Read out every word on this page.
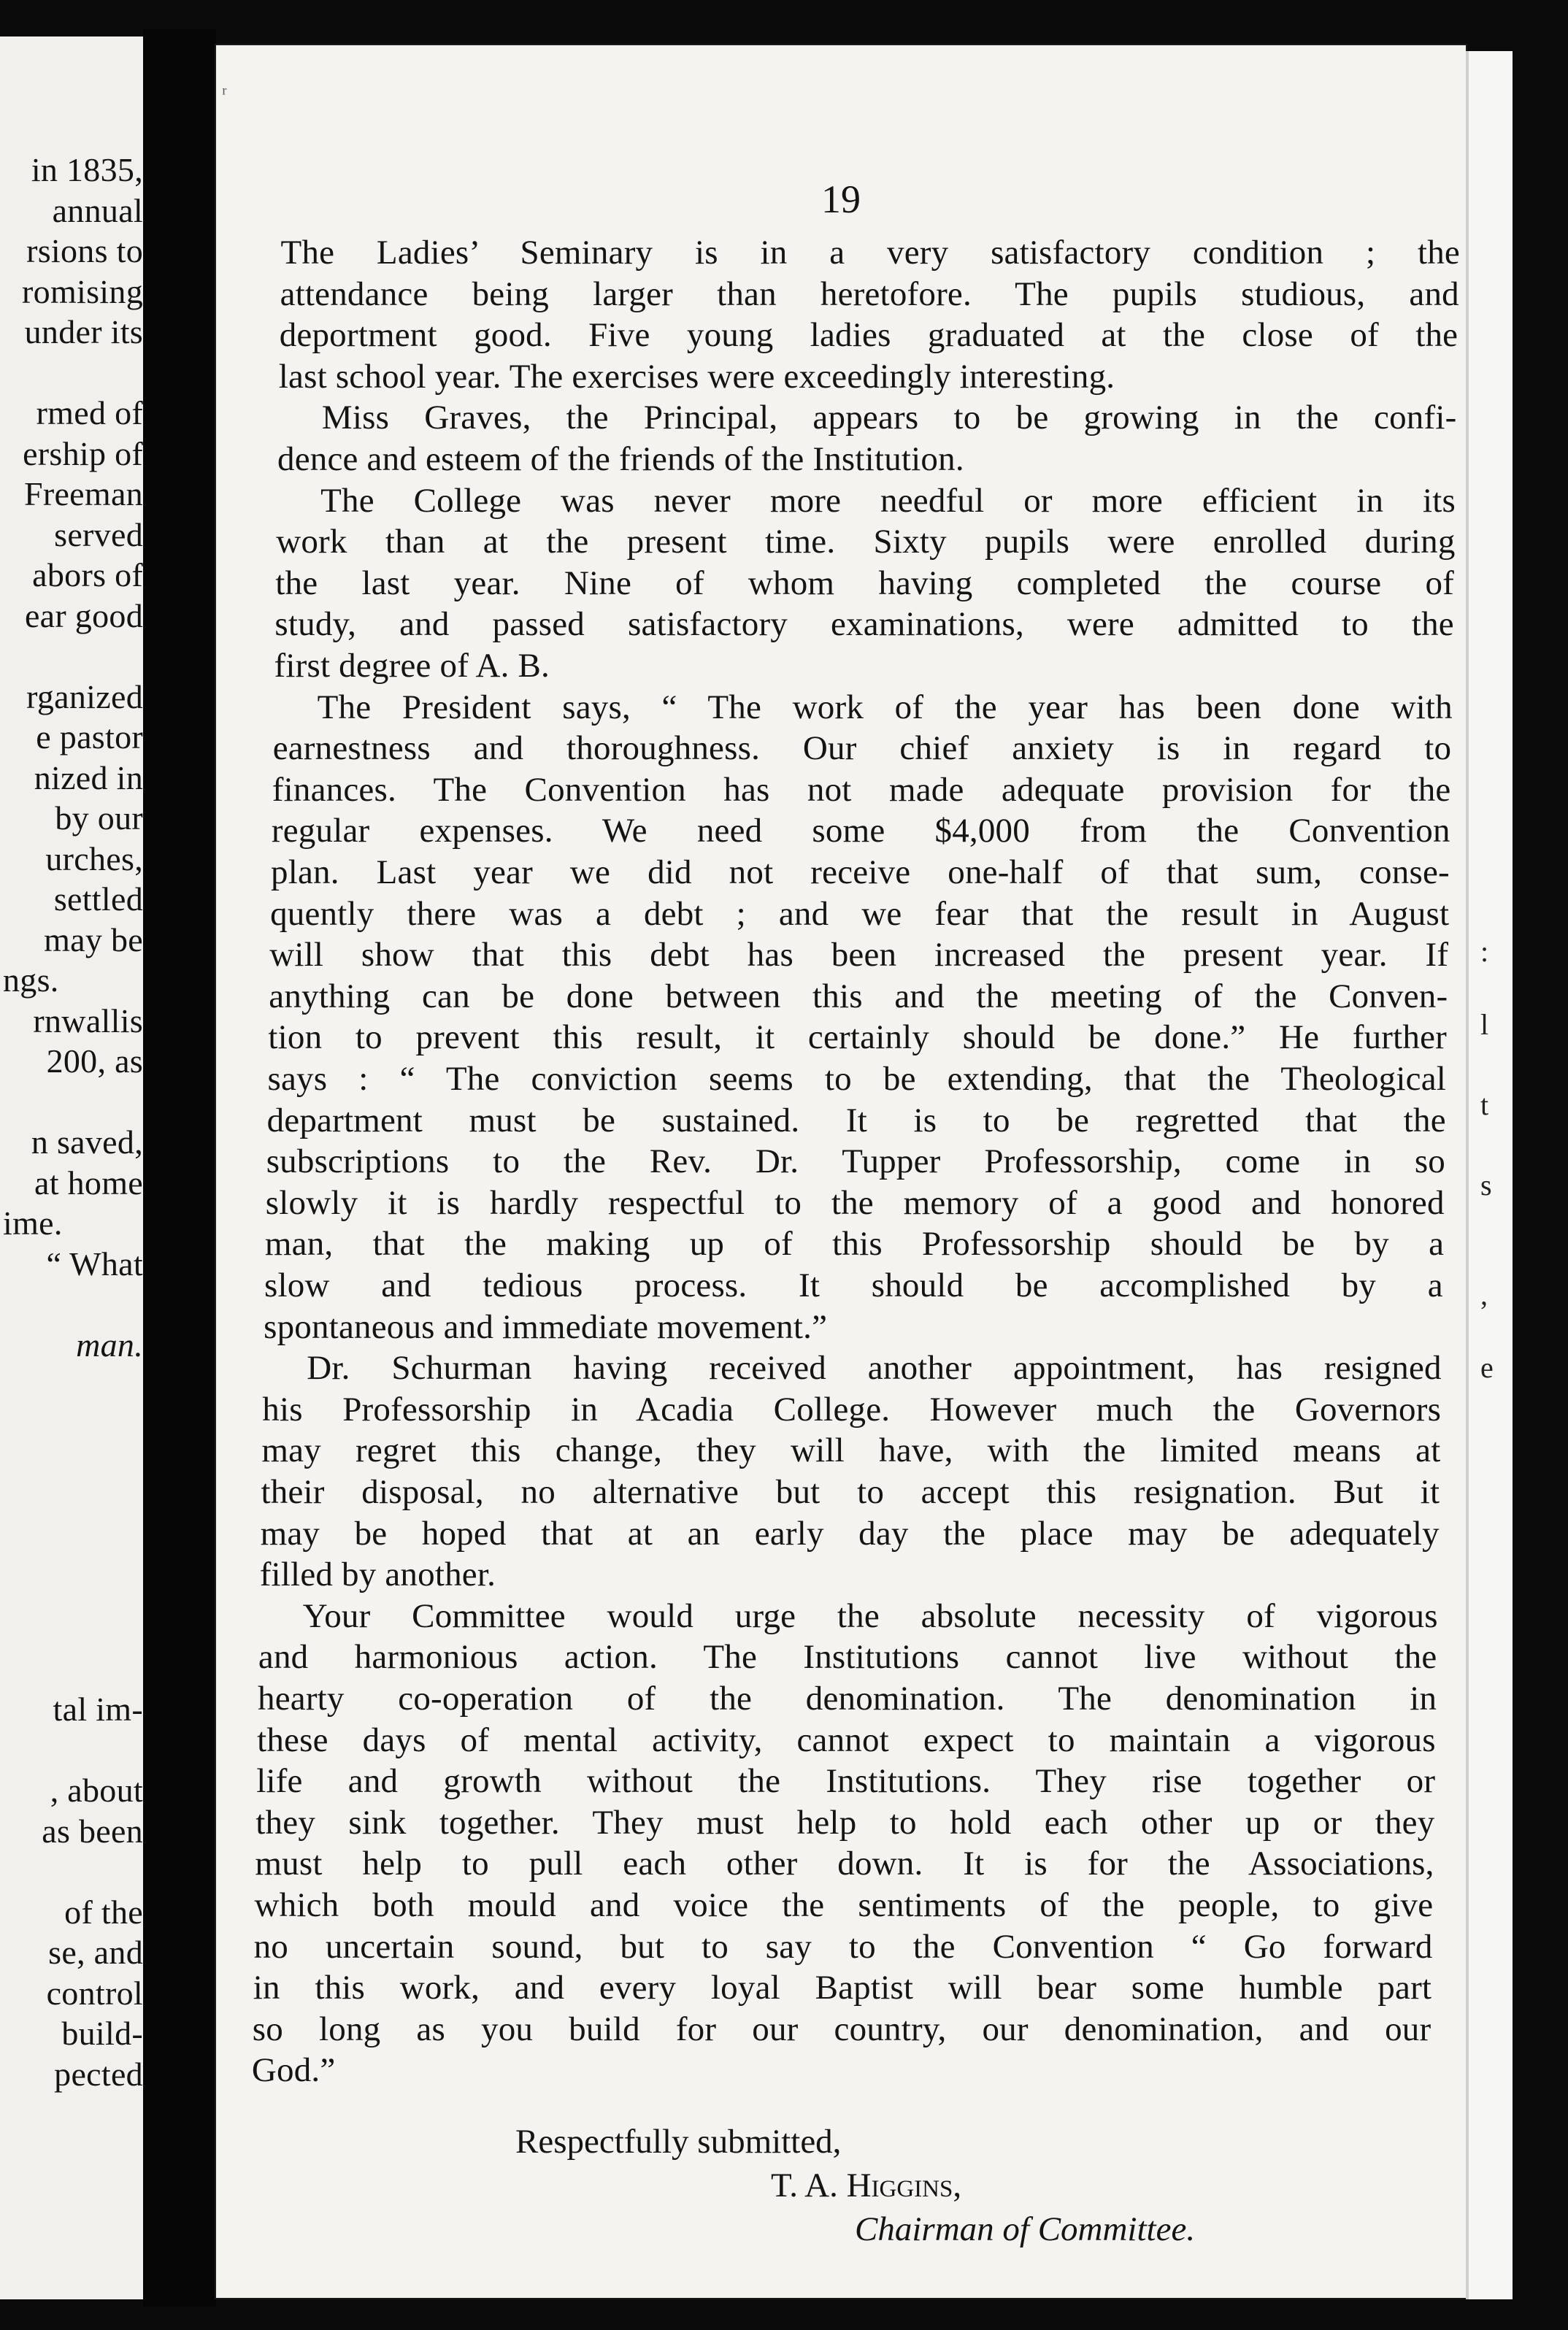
in 1835,
annual
rsions to
romising
under its
rmed of
ership of
Freeman
served
abors of
ear good
rganized
e pastor
nized in
by our
urches,
settled
may be
ngs.
rnwallis
200, as
n saved,
at home
ime.
“ What
man.
tal im-
, about
as been
of the
se, and
control
build-
pected
ʳ
19
The Ladies’ Seminary is in a very satisfactory condition ; the
attendance being larger than heretofore. The pupils studious, and
deportment good. Five young ladies graduated at the close of the
last school year. The exercises were exceedingly interesting.
Miss Graves, the Principal, appears to be growing in the confi-
dence and esteem of the friends of the Institution.
The College was never more needful or more efficient in its
work than at the present time. Sixty pupils were enrolled during
the last year. Nine of whom having completed the course of
study, and passed satisfactory examinations, were admitted to the
first degree of A. B.
The President says, “ The work of the year has been done with
earnestness and thoroughness. Our chief anxiety is in regard to
finances. The Convention has not made adequate provision for the
regular expenses. We need some $4,000 from the Convention
plan. Last year we did not receive one-half of that sum, conse-
quently there was a debt ; and we fear that the result in August
will show that this debt has been increased the present year. If
anything can be done between this and the meeting of the Conven-
tion to prevent this result, it certainly should be done.” He further
says : “ The conviction seems to be extending, that the Theological
department must be sustained. It is to be regretted that the
subscriptions to the Rev. Dr. Tupper Professorship, come in so
slowly it is hardly respectful to the memory of a good and honored
man, that the making up of this Professorship should be by a
slow and tedious process. It should be accomplished by a
spontaneous and immediate movement.”
Dr. Schurman having received another appointment, has resigned
his Professorship in Acadia College. However much the Governors
may regret this change, they will have, with the limited means at
their disposal, no alternative but to accept this resignation. But it
may be hoped that at an early day the place may be adequately
filled by another.
Your Committee would urge the absolute necessity of vigorous
and harmonious action. The Institutions cannot live without the
hearty co-operation of the denomination. The denomination in
these days of mental activity, cannot expect to maintain a vigorous
life and growth without the Institutions. They rise together or
they sink together. They must help to hold each other up or they
must help to pull each other down. It is for the Associations,
which both mould and voice the sentiments of the people, to give
no uncertain sound, but to say to the Convention “ Go forward
in this work, and every loyal Baptist will bear some humble part
so long as you build for our country, our denomination, and our
God.”
Respectfully submitted,
T. A. Higgins,
Chairman of Committee.
:
l
t
s
,
e
